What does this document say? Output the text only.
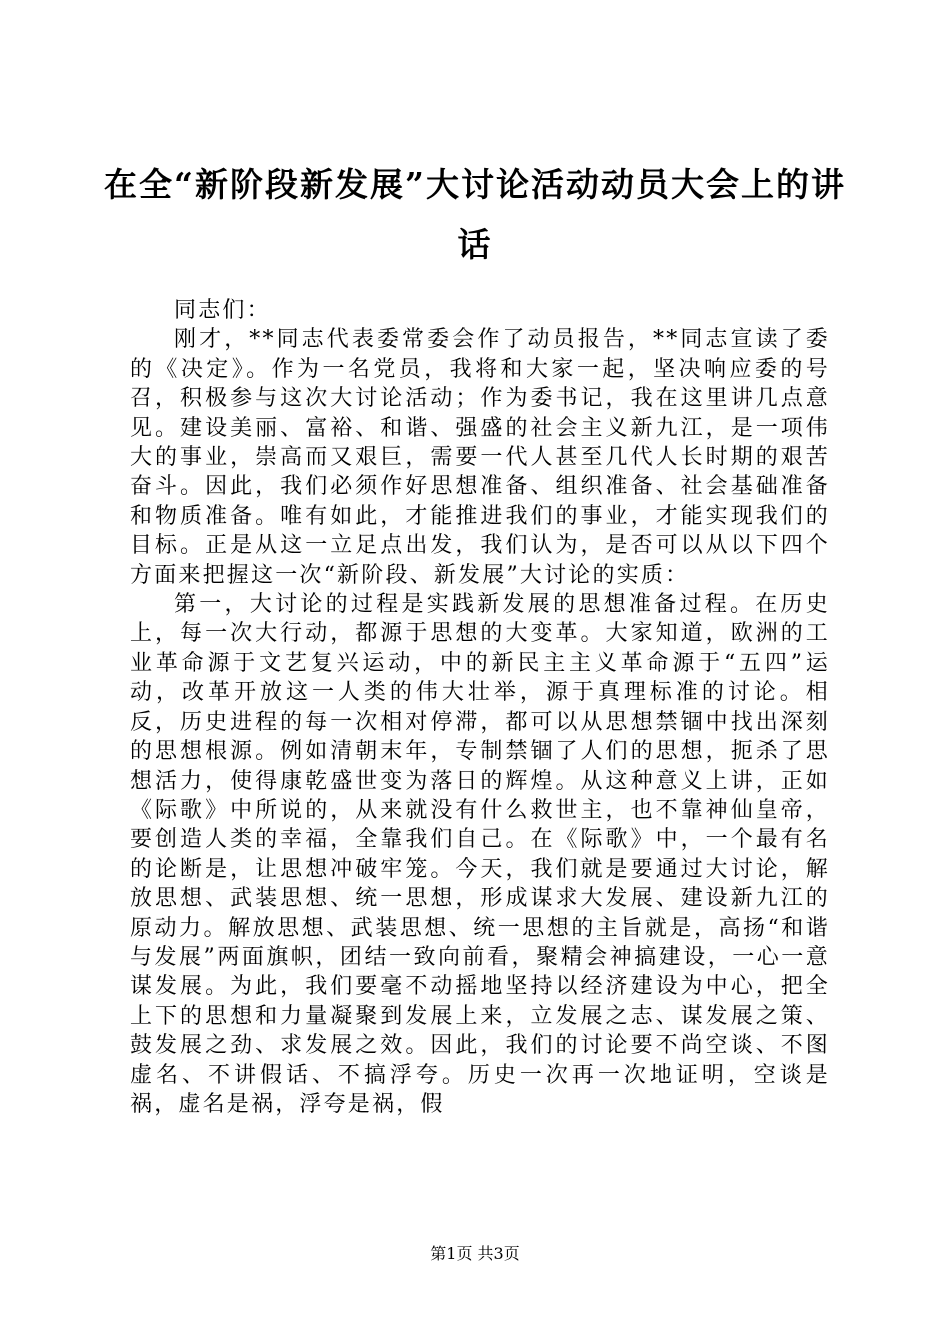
在全“新阶段新发展”大讨论活动动员大会上的讲话

同志们：

刚才，**同志代表委常委会作了动员报告，**同志宣读了委的《决定》。作为一名党员，我将和大家一起，坚决响应委的号召，积极参与这次大讨论活动；作为委书记，我在这里讲几点意见。建设美丽、富裕、和谐、强盛的社会主义新九江，是一项伟大的事业，崇高而又艰巨，需要一代人甚至几代人长时期的艰苦奋斗。因此，我们必须作好思想准备、组织准备、社会基础准备和物质准备。唯有如此，才能推进我们的事业，才能实现我们的目标。正是从这一立足点出发，我们认为，是否可以从以下四个方面来把握这一次“新阶段、新发展”大讨论的实质：

第一，大讨论的过程是实践新发展的思想准备过程。在历史上，每一次大行动，都源于思想的大变革。大家知道，欧洲的工业革命源于文艺复兴运动，中的新民主主义革命源于“五四”运动，改革开放这一人类的伟大壮举，源于真理标准的讨论。相反，历史进程的每一次相对停滞，都可以从思想禁锢中找出深刻的思想根源。例如清朝末年，专制禁锢了人们的思想，扼杀了思想活力，使得康乾盛世变为落日的辉煌。从这种意义上讲，正如《际歌》中所说的，从来就没有什么救世主，也不靠神仙皇帝，要创造人类的幸福，全靠我们自己。在《际歌》中，一个最有名的论断是，让思想冲破牢笼。今天，我们就是要通过大讨论，解放思想、武装思想、统一思想，形成谋求大发展、建设新九江的原动力。解放思想、武装思想、统一思想的主旨就是，高扬“和谐与发展”两面旗帜，团结一致向前看，聚精会神搞建设，一心一意谋发展。为此，我们要毫不动摇地坚持以经济建设为中心，把全上下的思想和力量凝聚到发展上来，立发展之志、谋发展之策、鼓发展之劲、求发展之效。因此，我们的讨论要不尚空谈、不图虚名、不讲假话、不搞浮夸。历史一次再一次地证明，空谈是祸，虚名是祸，浮夸是祸，假

第1页 共3页
